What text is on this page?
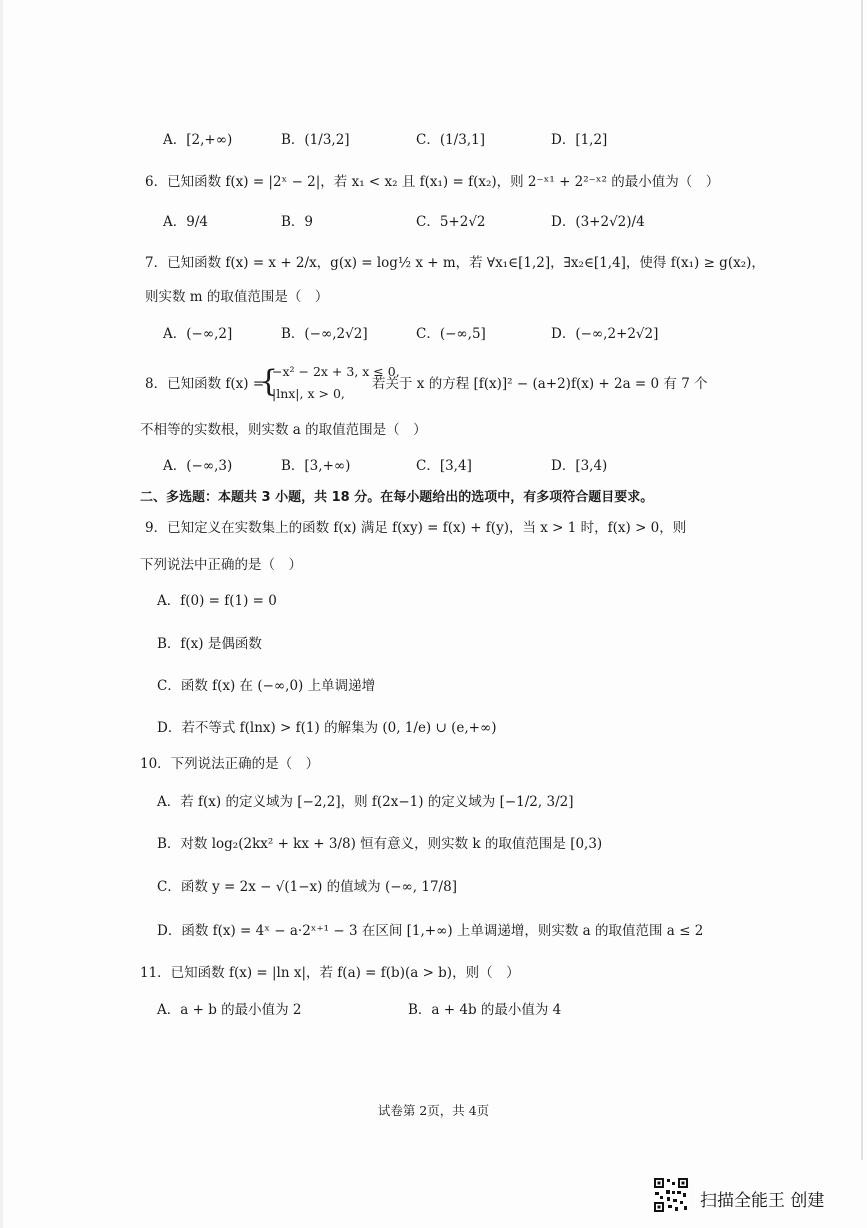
A．[2,+∞)	B．(1/3,2]	C．(1/3,1]	D．[1,2]
6．已知函数 f(x) = |2ˣ − 2|，若 x₁ < x₂ 且 f(x₁) = f(x₂)，则 2⁻ˣ¹ + 2²⁻ˣ² 的最小值为（　）
A．9/4	B．9	C．5+2√2	D．(3+2√2)/4
7．已知函数 f(x) = x + 2/x，g(x) = log½ x + m，若 ∀x₁∈[1,2]，∃x₂∈[1,4]，使得 f(x₁) ≥ g(x₂)，
则实数 m 的取值范围是（　）
A．(−∞,2]	B．(−∞,2√2]	C．(−∞,5]	D．(−∞,2+2√2]
8．已知函数 f(x) =
{
−x² − 2x + 3, x ≤ 0,
|lnx|, x > 0,
若关于 x 的方程 [f(x)]² − (a+2)f(x) + 2a = 0 有 7 个
不相等的实数根，则实数 a 的取值范围是（　）
A．(−∞,3)	B．[3,+∞)	C．[3,4]	D．[3,4)
二、多选题：本题共 3 小题，共 18 分。在每小题给出的选项中，有多项符合题目要求。
9．已知定义在实数集上的函数 f(x) 满足 f(xy) = f(x) + f(y)，当 x > 1 时，f(x) > 0，则
下列说法中正确的是（　）
A．f(0) = f(1) = 0
B．f(x) 是偶函数
C．函数 f(x) 在 (−∞,0) 上单调递增
D．若不等式 f(lnx) > f(1) 的解集为 (0, 1/e) ∪ (e,+∞)
10．下列说法正确的是（　）
A．若 f(x) 的定义域为 [−2,2]，则 f(2x−1) 的定义域为 [−1/2, 3/2]
B．对数 log₂(2kx² + kx + 3/8) 恒有意义，则实数 k 的取值范围是 [0,3)
C．函数 y = 2x − √(1−x) 的值域为 (−∞, 17/8]
D．函数 f(x) = 4ˣ − a·2ˣ⁺¹ − 3 在区间 [1,+∞) 上单调递增，则实数 a 的取值范围 a ≤ 2
11．已知函数 f(x) = |ln x|，若 f(a) = f(b)(a > b)，则（　）
A．a + b 的最小值为 2	B．a + 4b 的最小值为 4
试卷第 2页，共 4页
扫描全能王 创建
